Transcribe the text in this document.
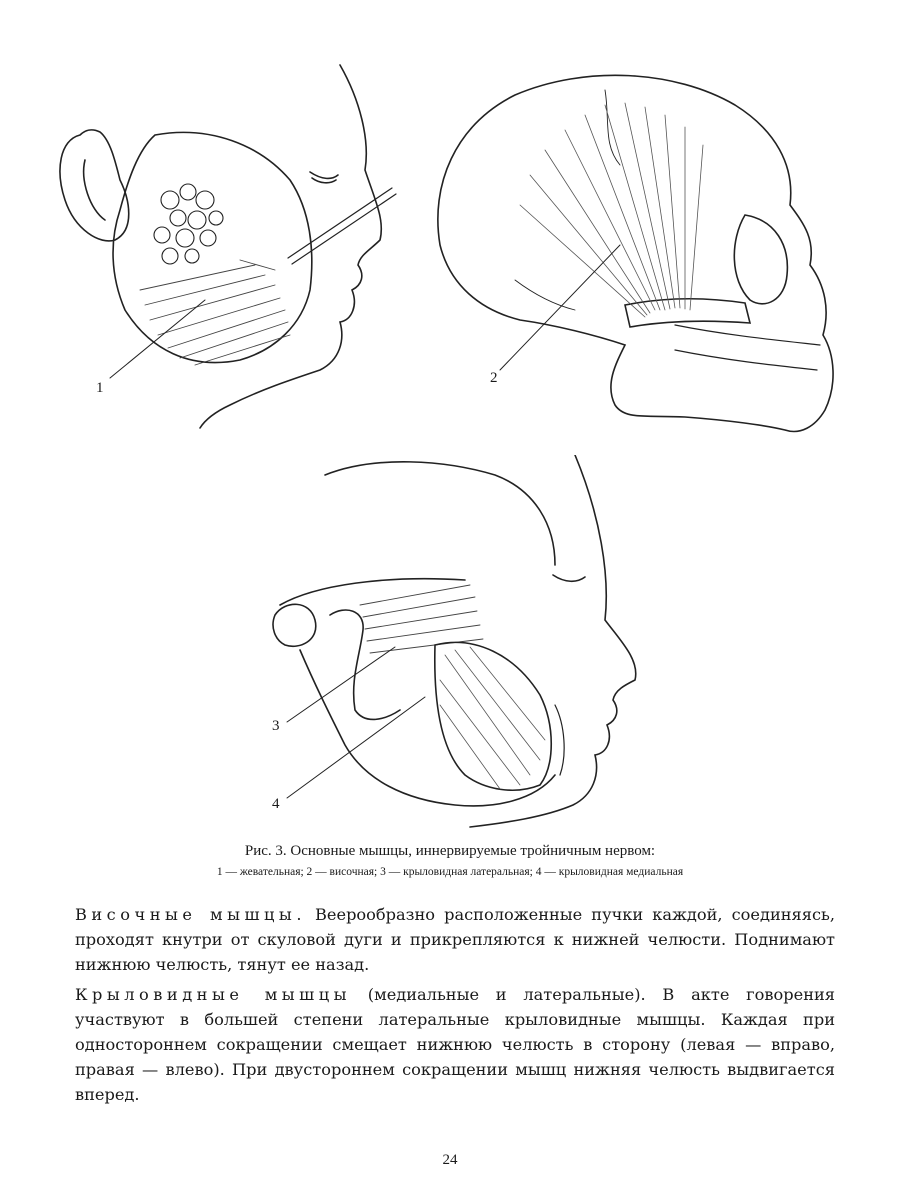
1
2
3
4
Рис. 3. Основные мышцы, иннервируемые тройничным нервом:
1 — жевательная; 2 — височная; 3 — крыловидная латеральная; 4 — крыловидная медиальная

Височные мышцы. Веерообразно расположенные пучки каждой, соединяясь, проходят кнутри от скуловой дуги и прикрепляются к нижней челюсти. Поднимают нижнюю челюсть, тянут ее назад.

Крыловидные мышцы (медиальные и латеральные). В акте говорения участвуют в большей степени латеральные крыловидные мышцы. Каждая при одностороннем сокращении смещает нижнюю челюсть в сторону (левая — вправо, правая — влево). При двустороннем сокращении мышц нижняя челюсть выдвигается вперед.

24
